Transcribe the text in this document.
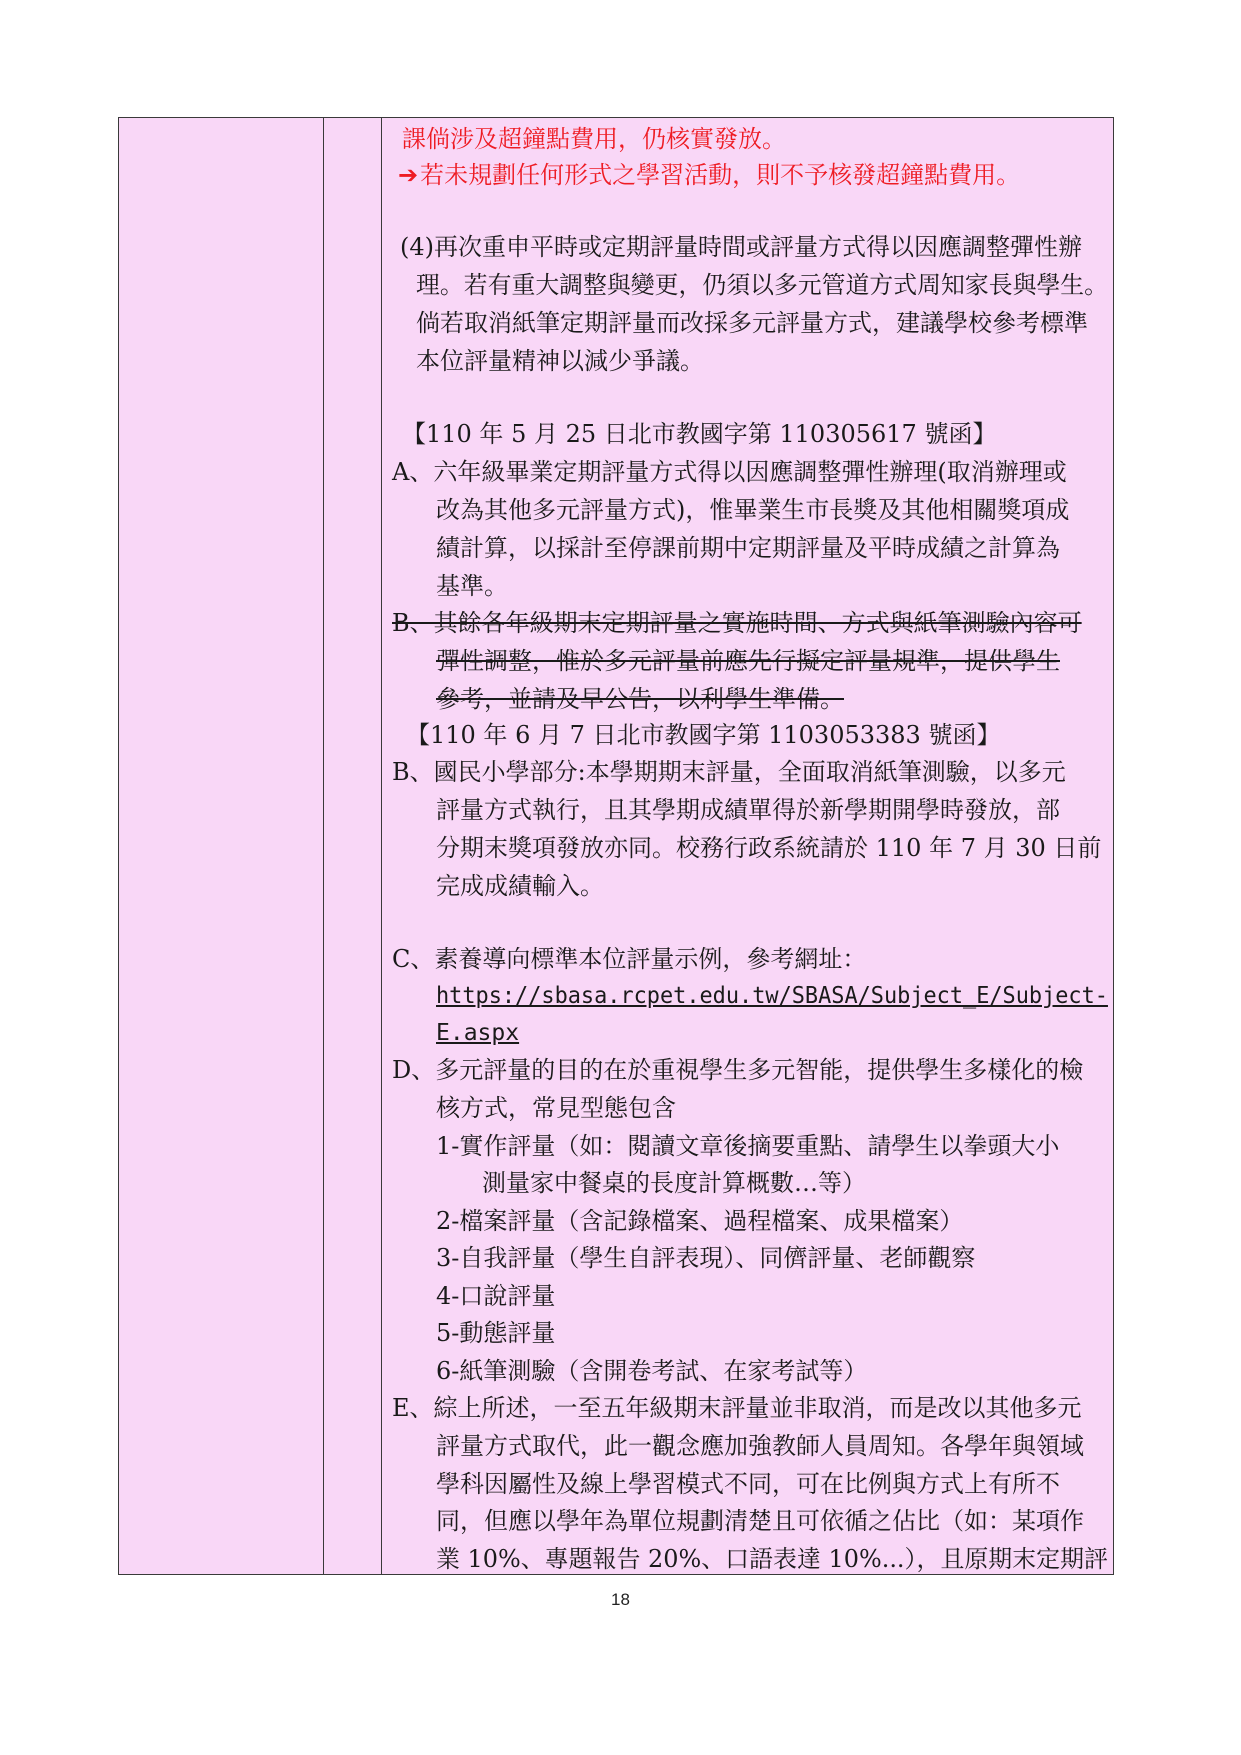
課倘涉及超鐘點費用，仍核實發放。
➔若未規劃任何形式之學習活動，則不予核發超鐘點費用。
(4)再次重申平時或定期評量時間或評量方式得以因應調整彈性辦
理。若有重大調整與變更，仍須以多元管道方式周知家長與學生。
倘若取消紙筆定期評量而改採多元評量方式，建議學校參考標準
本位評量精神以減少爭議。
【110 年 5 月 25 日北市教國字第 110305617 號函】
A、六年級畢業定期評量方式得以因應調整彈性辦理(取消辦理或
改為其他多元評量方式)，惟畢業生市長獎及其他相關獎項成
績計算，以採計至停課前期中定期評量及平時成績之計算為
基準。
B、其餘各年級期末定期評量之實施時間、方式與紙筆測驗內容可
彈性調整，惟於多元評量前應先行擬定評量規準，提供學生
參考，並請及早公告，以利學生準備。
【110 年 6 月 7 日北市教國字第 1103053383 號函】
B、國民小學部分:本學期期末評量，全面取消紙筆測驗，以多元
評量方式執行，且其學期成績單得於新學期開學時發放，部
分期末獎項發放亦同。校務行政系統請於 110 年 7 月 30 日前
完成成績輸入。
C、素養導向標準本位評量示例，參考網址：
https://sbasa.rcpet.edu.tw/SBASA/Subject_E/Subject-
E.aspx
D、多元評量的目的在於重視學生多元智能，提供學生多樣化的檢
核方式，常見型態包含
1-實作評量（如：閱讀文章後摘要重點、請學生以拳頭大小
測量家中餐桌的長度計算概數…等）
2-檔案評量（含記錄檔案、過程檔案、成果檔案）
3-自我評量（學生自評表現）、同儕評量、老師觀察
4-口說評量
5-動態評量
6-紙筆測驗（含開卷考試、在家考試等）
E、綜上所述，一至五年級期末評量並非取消，而是改以其他多元
評量方式取代，此一觀念應加強教師人員周知。各學年與領域
學科因屬性及線上學習模式不同，可在比例與方式上有所不
同，但應以學年為單位規劃清楚且可依循之佔比（如：某項作
業 10%、專題報告 20%、口語表達 10%...），且原期末定期評
18
